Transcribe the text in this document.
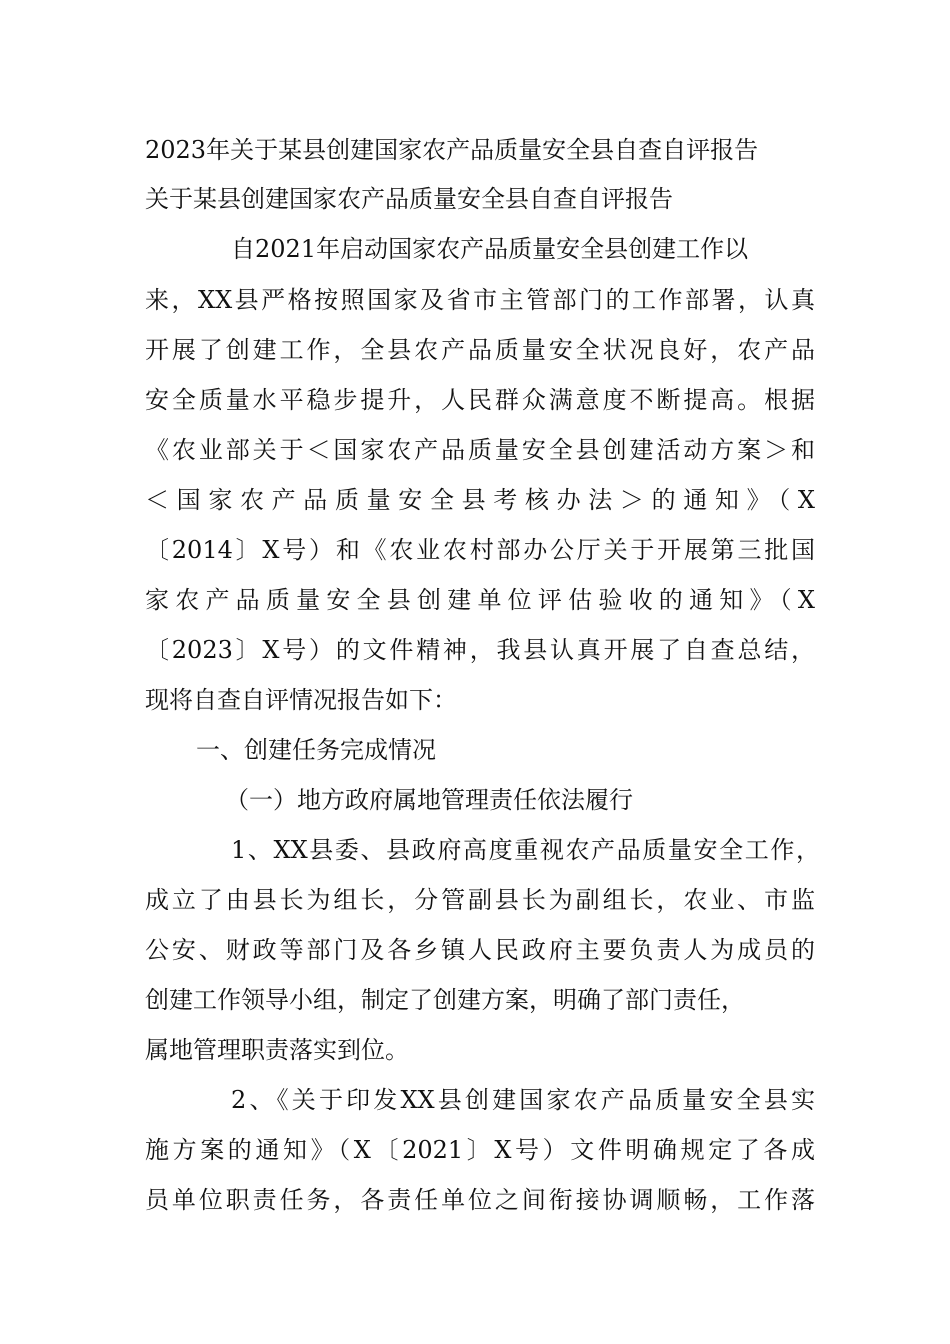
2023年关于某县创建国家农产品质量安全县自查自评报告

关于某县创建国家农产品质量安全县自查自评报告

自2021年启动国家农产品质量安全县创建工作以

来，XX县严格按照国家及省市主管部门的工作部署，认真

开展了创建工作，全县农产品质量安全状况良好，农产品

安全质量水平稳步提升，人民群众满意度不断提高。根据

《农业部关于＜国家农产品质量安全县创建活动方案＞和

＜国家农产品质量安全县考核办法＞的通知》（X

〔2014〕X号）和《农业农村部办公厅关于开展第三批国

家农产品质量安全县创建单位评估验收的通知》（X

〔2023〕X号）的文件精神，我县认真开展了自查总结，

现将自查自评情况报告如下：

一、创建任务完成情况

（一）地方政府属地管理责任依法履行

1、XX县委、县政府高度重视农产品质量安全工作，

成立了由县长为组长，分管副县长为副组长，农业、市监

公安、财政等部门及各乡镇人民政府主要负责人为成员的

创建工作领导小组，制定了创建方案，明确了部门责任，

属地管理职责落实到位。

2、《关于印发XX县创建国家农产品质量安全县实

施方案的通知》（X〔2021〕X号）文件明确规定了各成

员单位职责任务，各责任单位之间衔接协调顺畅，工作落
